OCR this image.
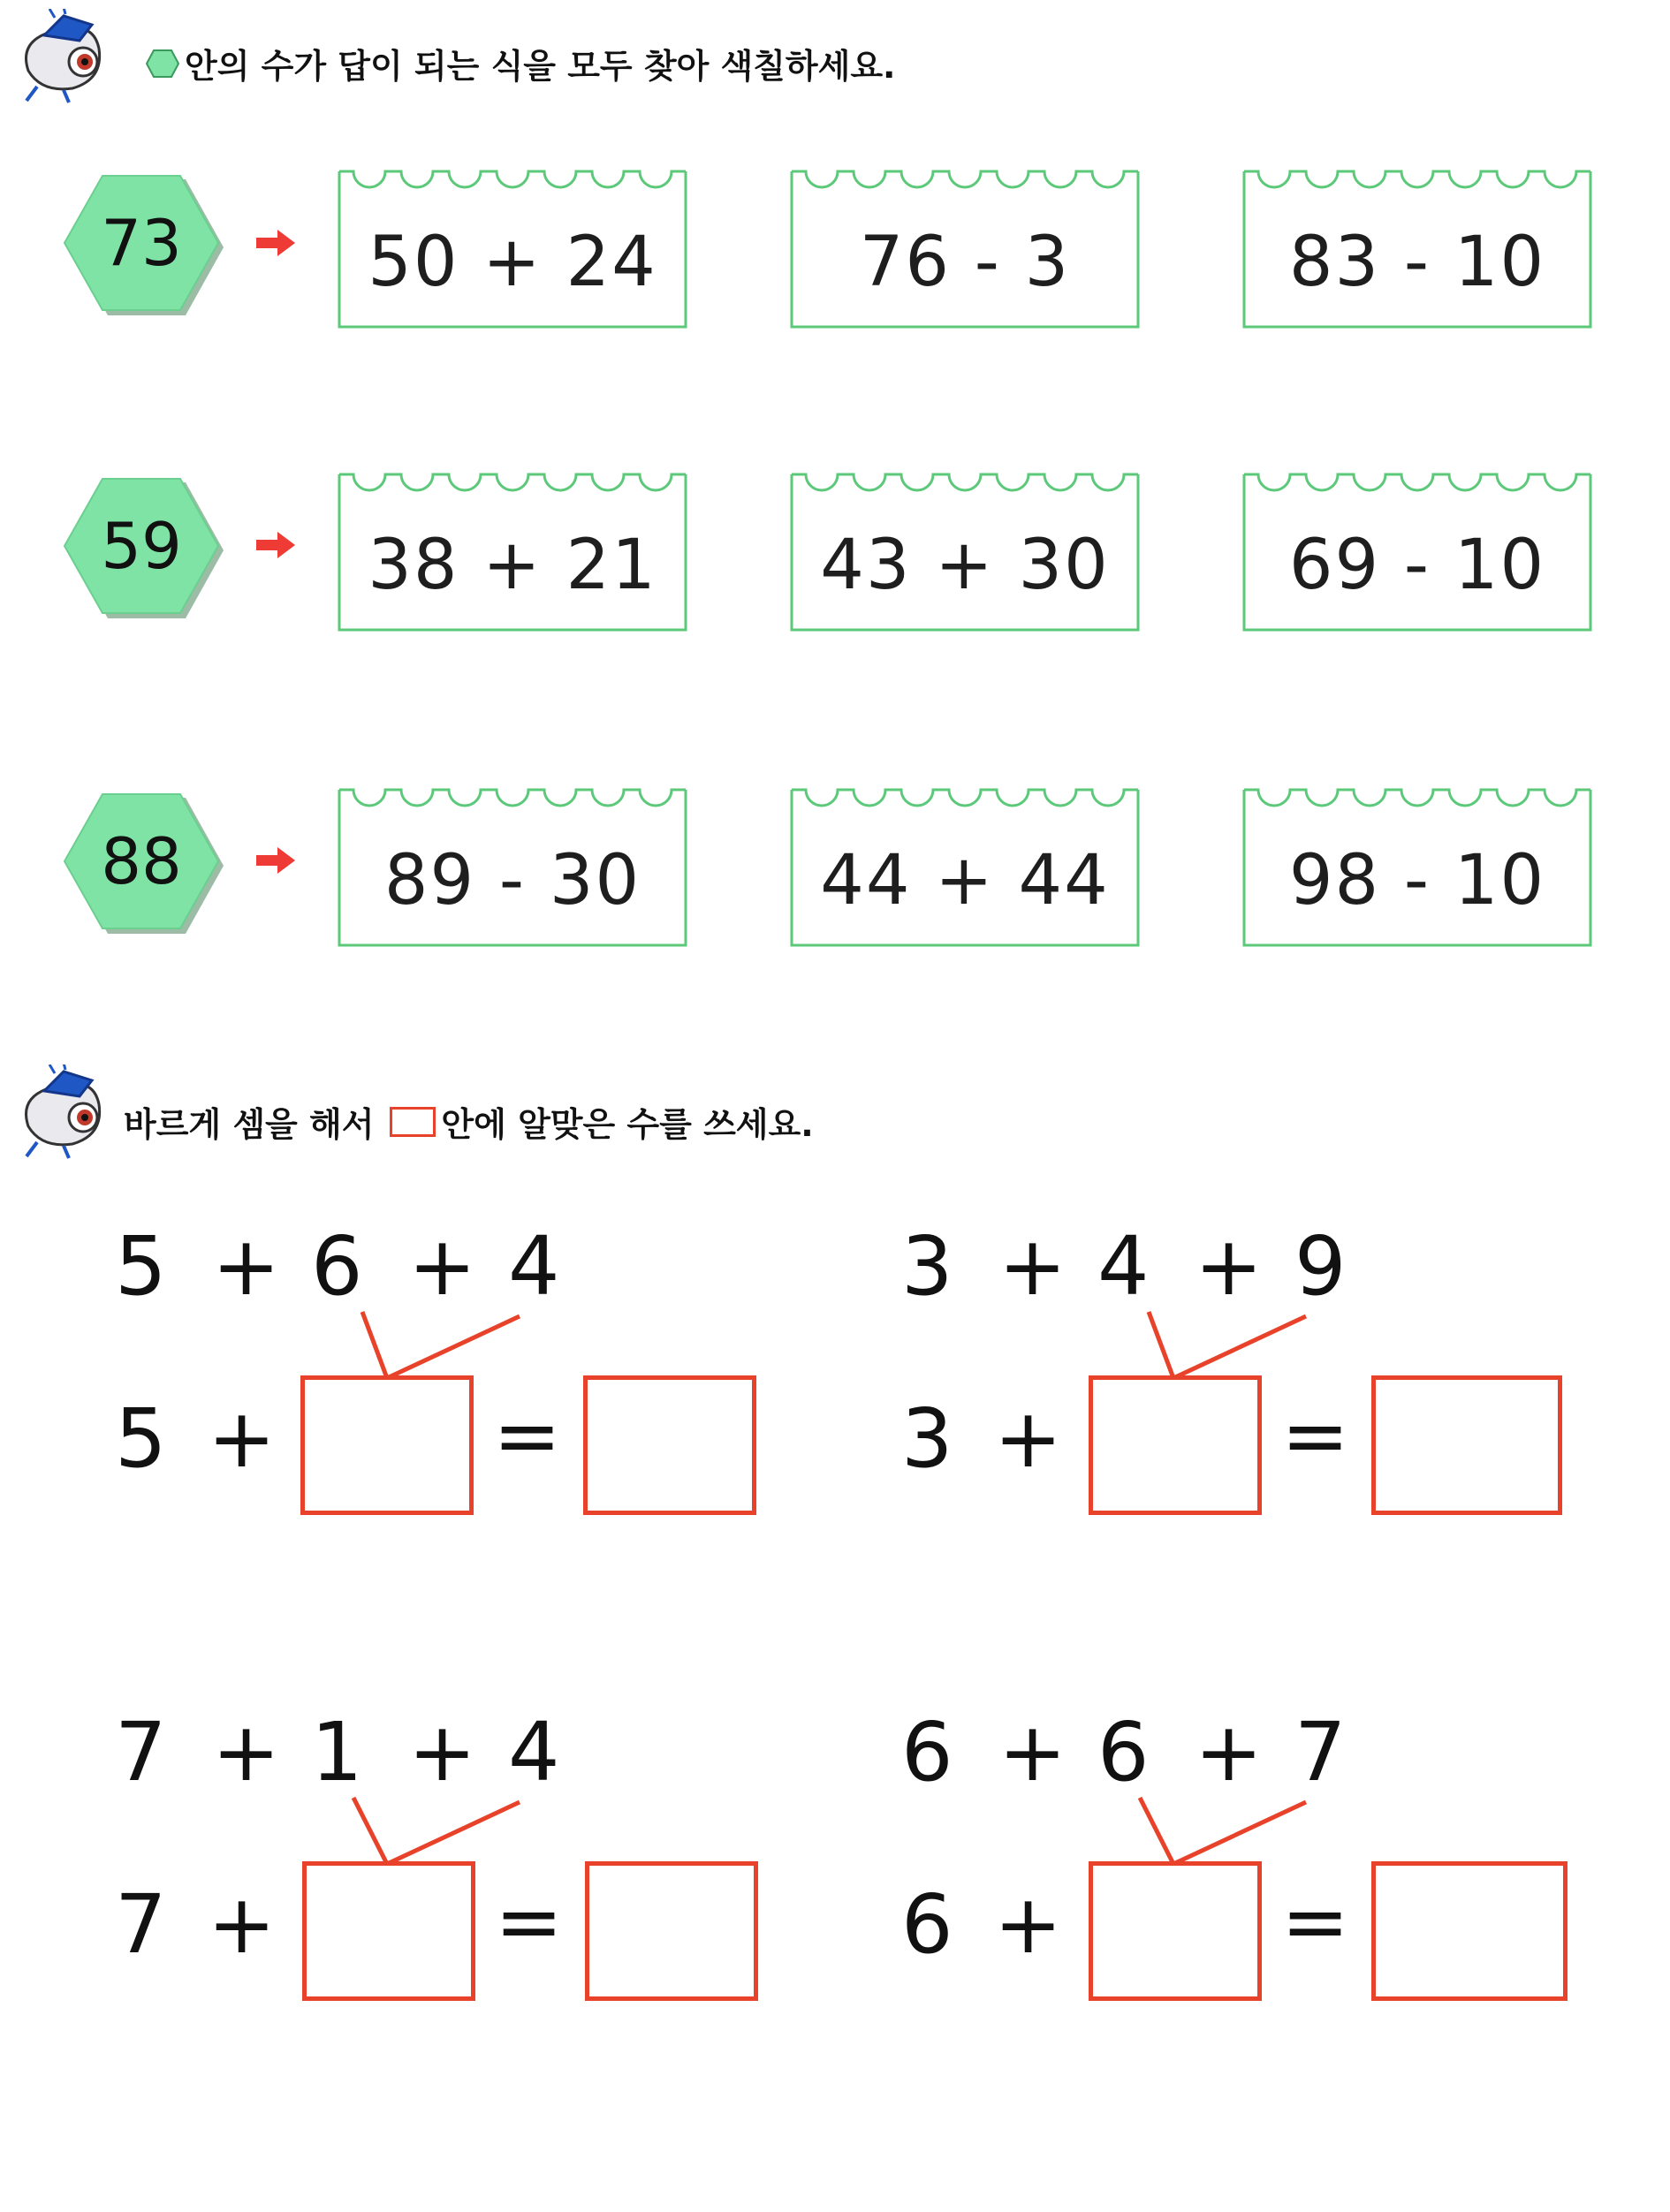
안의 수가 답이 되는 식을 모두 찾아 색칠하세요.
73	50 + 24	76 - 3	83 - 10
59	38 + 21	43 + 30	69 - 10
88	89 - 30	44 + 44	98 - 10
바르게 셈을 해서 안에 알맞은 수를 쓰세요.
5 + 6 + 4
5 +	=
3 + 4 + 9
3 +	=
7 + 1 + 4
7 +	=
6 + 6 + 7
6 +	=
